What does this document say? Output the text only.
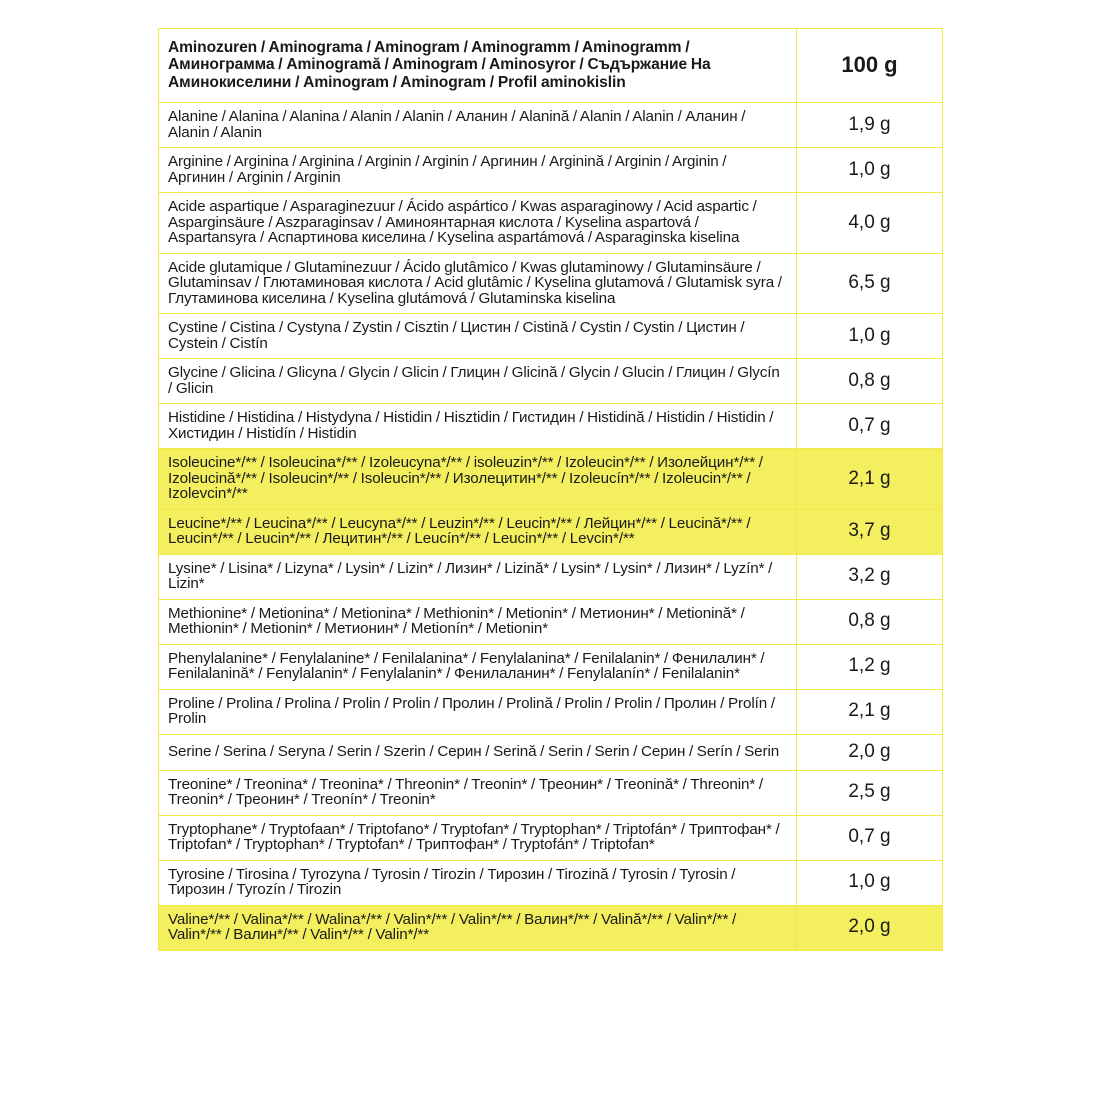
Aminozuren / Aminograma / Aminogram / Aminogramm / Aminogramm / Аминограмма / Aminogramă / Aminogram / Aminosyror / Съдържание На Аминокиселини / Aminogram / Aminogram / Profil aminokislin	100 g
Alanine / Alanina / Alanina / Alanin / Alanin / Аланин / Alanină / Alanin / Alanin / Аланин / Alanin / Alanin	1,9 g
Arginine / Arginina / Arginina / Arginin / Arginin / Аргинин / Arginină / Arginin / Arginin / Аргинин / Arginin / Arginin	1,0 g
Acide aspartique / Asparaginezuur / Ácido aspártico / Kwas asparaginowy / Acid aspartic / Asparginsäure / Aszparaginsav / Аминоянтарная кислота / Kyselina aspartová / Aspartansyra / Аспартинова киселина / Kyselina aspartámová / Asparaginska kiselina	4,0 g
Acide glutamique / Glutaminezuur / Ácido glutâmico / Kwas glutaminowy / Glutaminsäure / Glutaminsav / Глютаминовая кислота / Acid glutâmic / Kyselina glutamová / Glutamisk syra / Глутаминова киселина / Kyselina glutámová / Glutaminska kiselina	6,5 g
Cystine / Cistina / Cystyna / Zystin / Cisztin / Цистин / Cistină / Cystin / Cystin / Цистин / Cystein / Cistín	1,0 g
Glycine / Glicina / Glicyna / Glycin / Glicin / Глицин / Glicină / Glycin / Glucin / Глицин / Glycín / Glicin	0,8 g
Histidine / Histidina / Histydyna / Histidin / Hisztidin / Гистидин / Histidină / Histidin / Histidin / Хистидин / Histidín / Histidin	0,7 g
Isoleucine*/** / Isoleucina*/** / Izoleucyna*/** / isoleuzin*/** / Izoleucin*/** / Изолейцин*/** / Izoleucină*/** / Isoleucin*/** / Isoleucin*/** / Изолецитин*/** / Izoleucín*/** / Izoleucin*/** / Izolevcin*/**	2,1 g
Leucine*/** / Leucina*/** / Leucyna*/** / Leuzin*/** / Leucin*/** / Лейцин*/** / Leucină*/** / Leucin*/** / Leucin*/** / Лецитин*/** / Leucín*/** / Leucin*/** / Levcin*/**	3,7 g
Lysine* / Lisina* / Lizyna* / Lysin* / Lizin* / Лизин* / Lizină* / Lysin* / Lysin* / Лизин* / Lyzín* / Lizin*	3,2 g
Methionine* / Metionina* / Metionina* / Methionin* / Metionin* / Метионин* / Metionină* / Methionin* / Metionin* / Метионин* / Metionín* / Metionin*	0,8 g
Phenylalanine* / Fenylalanine* / Fenilalanina* / Fenylalanina* / Fenilalanin* / Фенилалин* / Fenilalanină* / Fenylalanin* / Fenylalanin* / Фенилаланин* / Fenylalanín* / Fenilalanin*	1,2 g
Proline / Prolina / Prolina / Prolin / Prolin / Пролин / Prolină / Prolin / Prolin / Пролин / Prolín / Prolin	2,1 g
Serine / Serina / Seryna / Serin / Szerin / Серин / Serină / Serin / Serin / Серин / Serín / Serin	2,0 g
Treonine* / Treonina* / Treonina* / Threonin* / Treonin* / Треонин* / Treonină* / Threonin* / Treonin* / Треонин* / Treonín* / Treonin*	2,5 g
Tryptophane* / Tryptofaan* / Triptofano* / Tryptofan* / Tryptophan* / Triptofán* / Триптофан* / Triptofan* / Tryptophan* / Tryptofan* / Триптофан* / Tryptofán* / Triptofan*	0,7 g
Tyrosine / Tirosina / Tyrozyna / Tyrosin / Tirozin / Тирозин / Tirozină / Tyrosin / Tyrosin / Тирозин / Tyrozín / Tirozin	1,0 g
Valine*/** / Valina*/** / Walina*/** / Valin*/** / Valin*/** / Валин*/** / Valină*/** / Valin*/** / Valin*/** / Валин*/** / Valin*/** / Valin*/**	2,0 g
